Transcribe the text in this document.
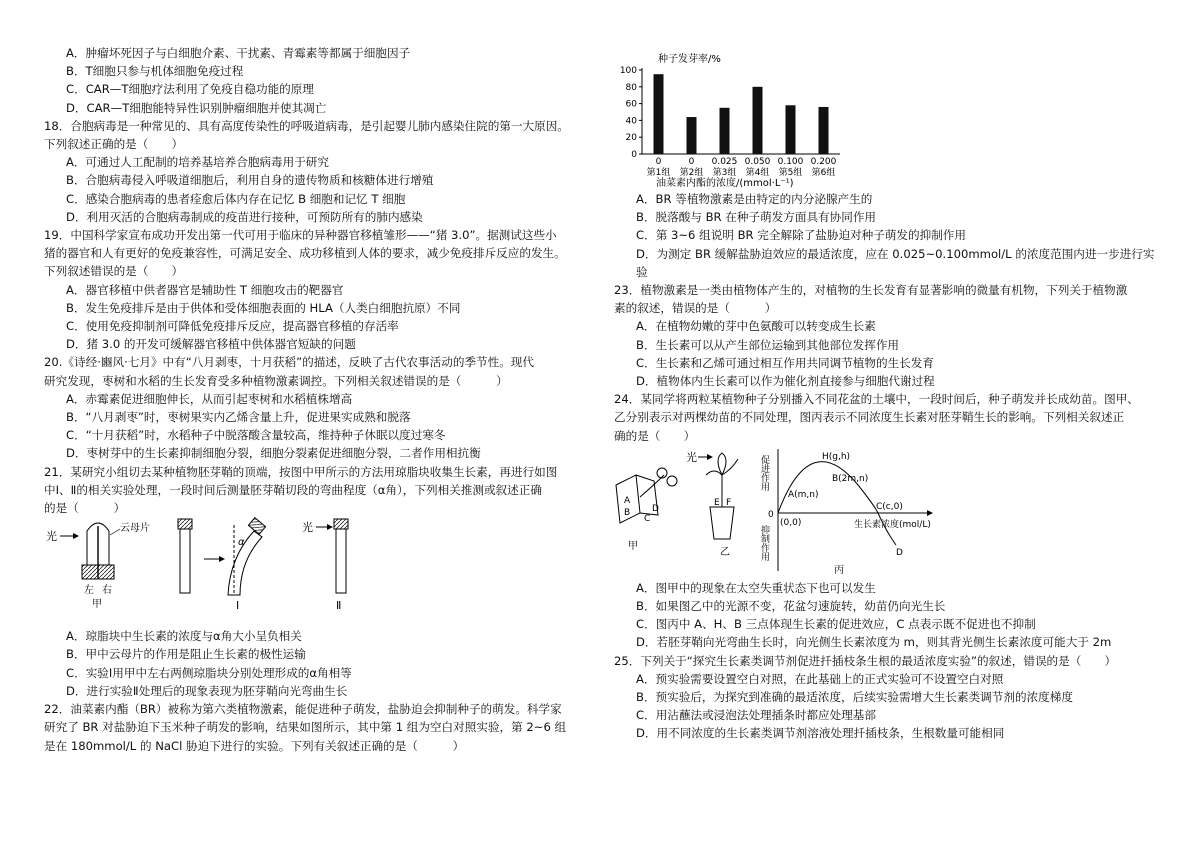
A．肿瘤坏死因子与白细胞介素、干扰素、青霉素等都属于细胞因子
B．T细胞只参与机体细胞免疫过程
C．CAR—T细胞疗法利用了免疫自稳功能的原理
D．CAR—T细胞能特异性识别肿瘤细胞并使其凋亡
18．合胞病毒是一种常见的、具有高度传染性的呼吸道病毒，是引起婴儿肺内感染住院的第一大原因。
下列叙述正确的是（　　）
A．可通过人工配制的培养基培养合胞病毒用于研究
B．合胞病毒侵入呼吸道细胞后，利用自身的遗传物质和核糖体进行增殖
C．感染合胞病毒的患者痊愈后体内存在记忆 B 细胞和记忆 T 细胞
D．利用灭活的合胞病毒制成的疫苗进行接种，可预防所有的肺内感染
19．中国科学家宣布成功开发出第一代可用于临床的异种器官移植雏形——“猪 3.0”。据测试这些小
猪的器官和人有更好的免疫兼容性，可满足安全、成功移植到人体的要求，减少免疫排斥反应的发生。
下列叙述错误的是（　　）
A．器官移植中供者器官是辅助性 T 细胞攻击的靶器官
B．发生免疫排斥是由于供体和受体细胞表面的 HLA（人类白细胞抗原）不同
C．使用免疫抑制剂可降低免疫排斥反应，提高器官移植的存活率
D．猪 3.0 的开发可缓解器官移植中供体器官短缺的问题
20.《诗经·豳风·七月》中有“八月剥枣，十月获稻”的描述，反映了古代农事活动的季节性。现代
研究发现，枣树和水稻的生长发育受多种植物激素调控。下列相关叙述错误的是（　　　）
A．赤霉素促进细胞伸长，从而引起枣树和水稻植株增高
B．“八月剥枣”时，枣树果实内乙烯含量上升，促进果实成熟和脱落
C．“十月获稻”时，水稻种子中脱落酸含量较高，维持种子休眠以度过寒冬
D．枣树芽中的生长素抑制细胞分裂，细胞分裂素促进细胞分裂，二者作用相抗衡
21．某研究小组切去某种植物胚芽鞘的顶端，按图中甲所示的方法用琼脂块收集生长素，再进行如图
中Ⅰ、Ⅱ的相关实验处理，一段时间后测量胚芽鞘切段的弯曲程度（α角），下列相关推测或叙述正确
的是（　　　）
光
云母片
左 右
甲
α
Ⅰ
光
Ⅱ
A．琼脂块中生长素的浓度与α角大小呈负相关
B．甲中云母片的作用是阻止生长素的极性运输
C．实验Ⅰ用甲中左右两侧琼脂块分别处理形成的α角相等
D．进行实验Ⅱ处理后的现象表现为胚芽鞘向光弯曲生长
22．油菜素内酯（BR）被称为第六类植物激素，能促进种子萌发，盐胁迫会抑制种子的萌发。科学家
研究了 BR 对盐胁迫下玉米种子萌发的影响，结果如图所示，其中第 1 组为空白对照实验，第 2~6 组
是在 180mmol/L 的 NaCl 胁迫下进行的实验。下列有关叙述正确的是（　　　）
种子发芽率/%
0
20
40
60
80
100
0
第1组
0
第2组
0.025
第3组
0.050
第4组
0.100
第5组
0.200
第6组
油菜素内酯的浓度/(mmol·L⁻¹)
A．BR 等植物激素是由特定的内分泌腺产生的
B．脱落酸与 BR 在种子萌发方面具有协同作用
C．第 3~6 组说明 BR 完全解除了盐胁迫对种子萌发的抑制作用
D．为测定 BR 缓解盐胁迫效应的最适浓度，应在 0.025~0.100mmol/L 的浓度范围内进一步进行实
验
23．植物激素是一类由植物体产生的，对植物的生长发育有显著影响的微量有机物，下列关于植物激
素的叙述，错误的是（　　　）
A．在植物幼嫩的芽中色氨酸可以转变成生长素
B．生长素可以从产生部位运输到其他部位发挥作用
C．生长素和乙烯可通过相互作用共同调节植物的生长发育
D．植物体内生长素可以作为催化剂直接参与细胞代谢过程
24．某同学将两粒某植物种子分别播入不同花盆的土壤中，一段时间后，种子萌发并长成幼苗。图甲、
乙分别表示对两棵幼苗的不同处理，图丙表示不同浓度生长素对胚芽鞘生长的影响。下列相关叙述正
确的是（　　）
A
B
C
D
甲
光
E F
乙
促进作用
抑制作用
0
H(g,h)
B(2m,n)
A(m,n)
C(c,0)
(0,0)
D
生长素浓度(mol/L)
丙
A．图甲中的现象在太空失重状态下也可以发生
B．如果图乙中的光源不变，花盆匀速旋转，幼苗仍向光生长
C．图丙中 A、H、B 三点体现生长素的促进效应，C 点表示既不促进也不抑制
D．若胚芽鞘向光弯曲生长时，向光侧生长素浓度为 m，则其背光侧生长素浓度可能大于 2m
25．下列关于“探究生长素类调节剂促进扦插枝条生根的最适浓度实验”的叙述，错误的是（　　）
A．预实验需要设置空白对照，在此基础上的正式实验可不设置空白对照
B．预实验后，为探究到准确的最适浓度，后续实验需增大生长素类调节剂的浓度梯度
C．用沾蘸法或浸泡法处理插条时都应处理基部
D．用不同浓度的生长素类调节剂溶液处理扦插枝条，生根数量可能相同
